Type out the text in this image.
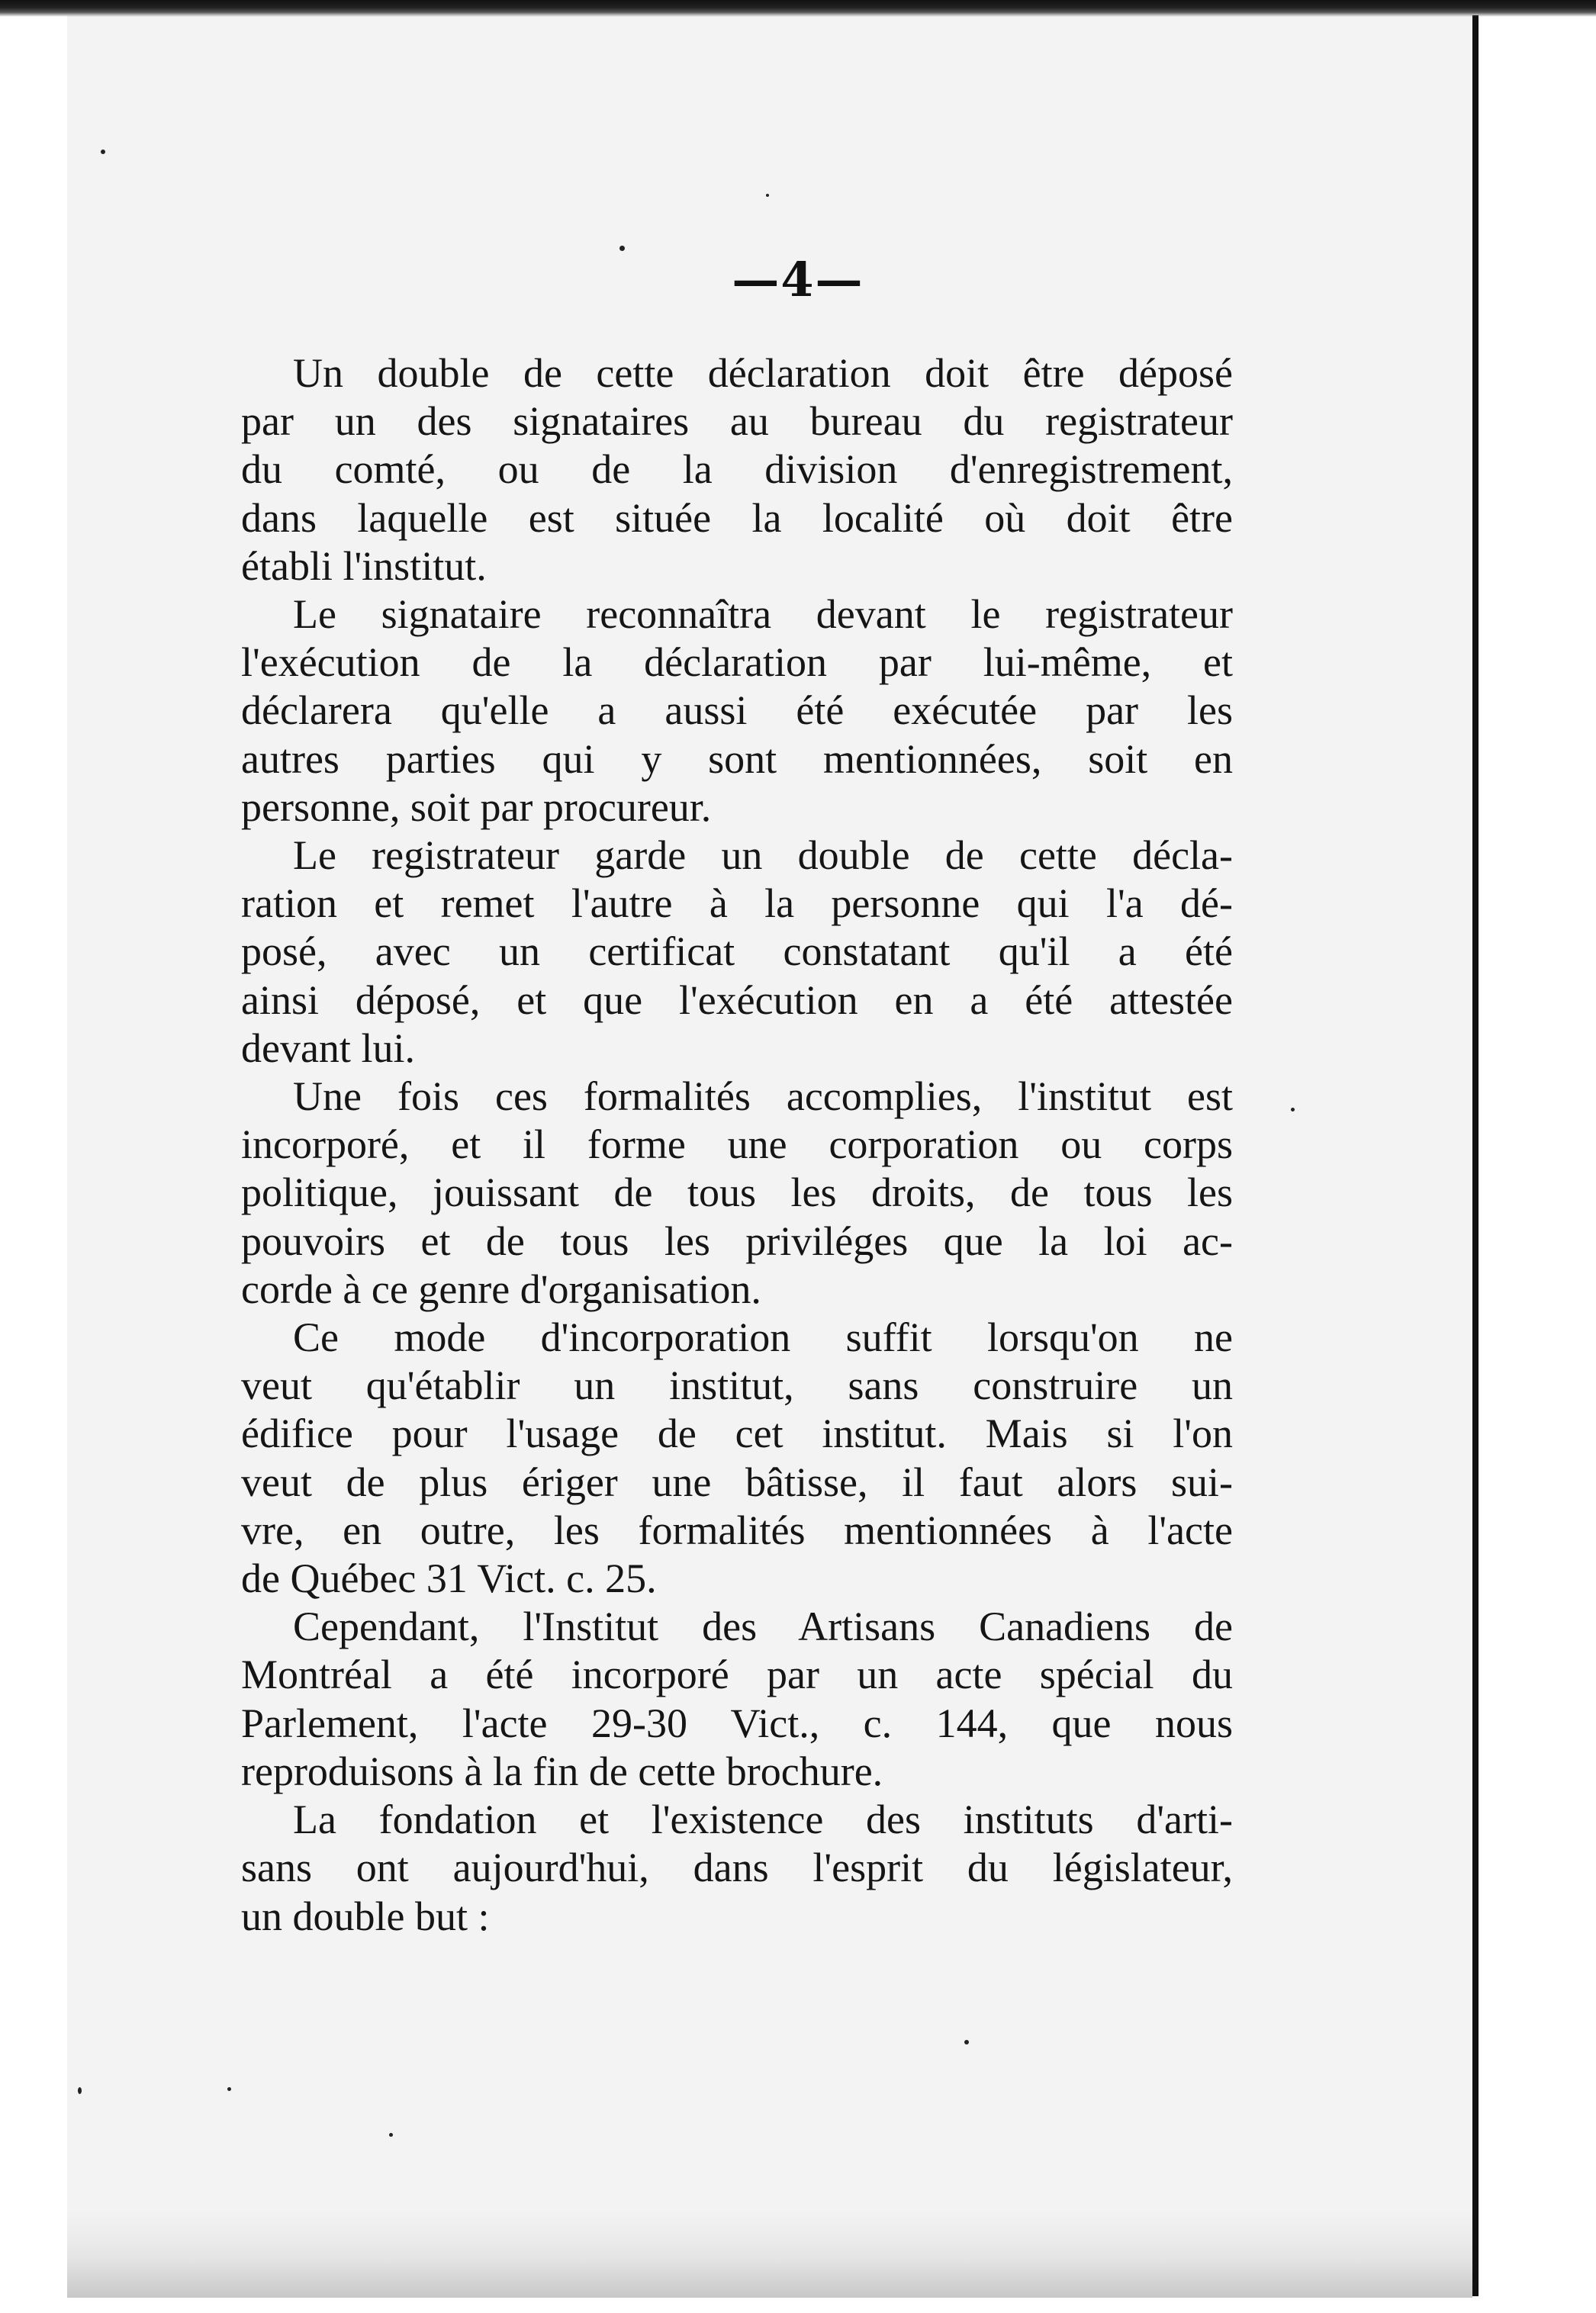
—4—
Un double de cette déclaration doit être déposé
par un des signataires au bureau du registrateur
du comté, ou de la division d'enregistrement,
dans laquelle est située la localité où doit être
établi l'institut.
Le signataire reconnaîtra devant le registrateur
l'exécution de la déclaration par lui-même, et
déclarera qu'elle a aussi été exécutée par les
autres parties qui y sont mentionnées, soit en
personne, soit par procureur.
Le registrateur garde un double de cette décla-
ration et remet l'autre à la personne qui l'a dé-
posé, avec un certificat constatant qu'il a été
ainsi déposé, et que l'exécution en a été attestée
devant lui.
Une fois ces formalités accomplies, l'institut est
incorporé, et il forme une corporation ou corps
politique, jouissant de tous les droits, de tous les
pouvoirs et de tous les priviléges que la loi ac-
corde à ce genre d'organisation.
Ce mode d'incorporation suffit lorsqu'on ne
veut qu'établir un institut, sans construire un
édifice pour l'usage de cet institut. Mais si l'on
veut de plus ériger une bâtisse, il faut alors sui-
vre, en outre, les formalités mentionnées à l'acte
de Québec 31 Vict. c. 25.
Cependant, l'Institut des Artisans Canadiens de
Montréal a été incorporé par un acte spécial du
Parlement, l'acte 29-30 Vict., c. 144, que nous
reproduisons à la fin de cette brochure.
La fondation et l'existence des instituts d'arti-
sans ont aujourd'hui, dans l'esprit du législateur,
un double but :
